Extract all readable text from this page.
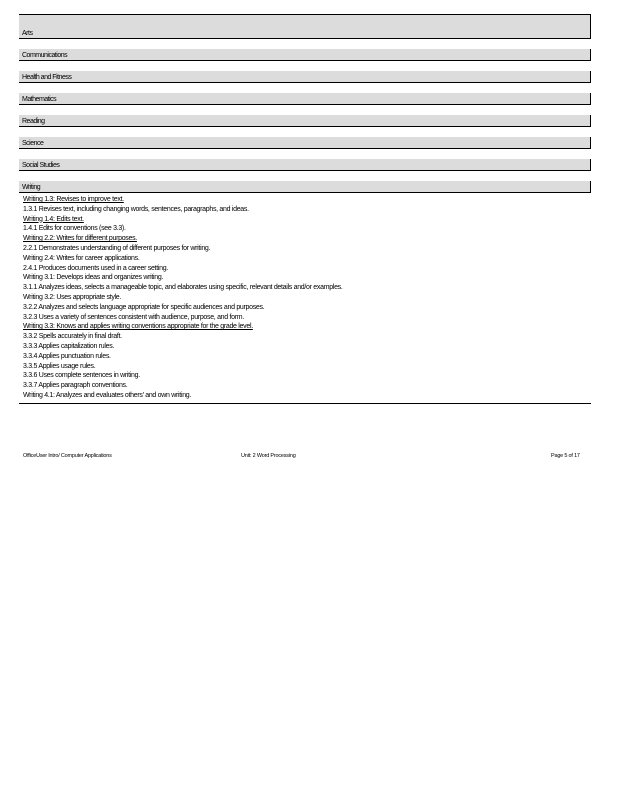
Arts
Communications
Health and Fitness
Mathematics
Reading
Science
Social Studies
Writing
Writing 1.3: Revises to improve text.
1.3.1 Revises text, including changing words, sentences, paragraphs, and ideas.
Writing 1.4: Edits text.
1.4.1 Edits for conventions (see 3.3).
Writing 2.2: Writes for different purposes.
2.2.1 Demonstrates understanding of different purposes for writing.
Writing 2.4: Writes for career applications.
2.4.1 Produces documents used in a career setting.
Writing 3.1: Develops ideas and organizes writing.
3.1.1 Analyzes ideas, selects a manageable topic, and elaborates using specific, relevant details and/or examples.
Writing 3.2: Uses appropriate style.
3.2.2 Analyzes and selects language appropriate for specific audiences and purposes.
3.2.3 Uses a variety of sentences consistent with audience, purpose, and form.
Writing 3.3: Knows and applies writing conventions appropriate for the grade level.
3.3.2 Spells accurately in final draft.
3.3.3 Applies capitalization rules.
3.3.4 Applies punctuation rules.
3.3.5 Applies usage rules.
3.3.6 Uses complete sentences in writing.
3.3.7 Applies paragraph conventions.
Writing 4.1: Analyzes and evaluates others' and own writing.
OfficeUser Intro/ Computer Applications	Unit: 2 Word Processing	Page 5 of 17
